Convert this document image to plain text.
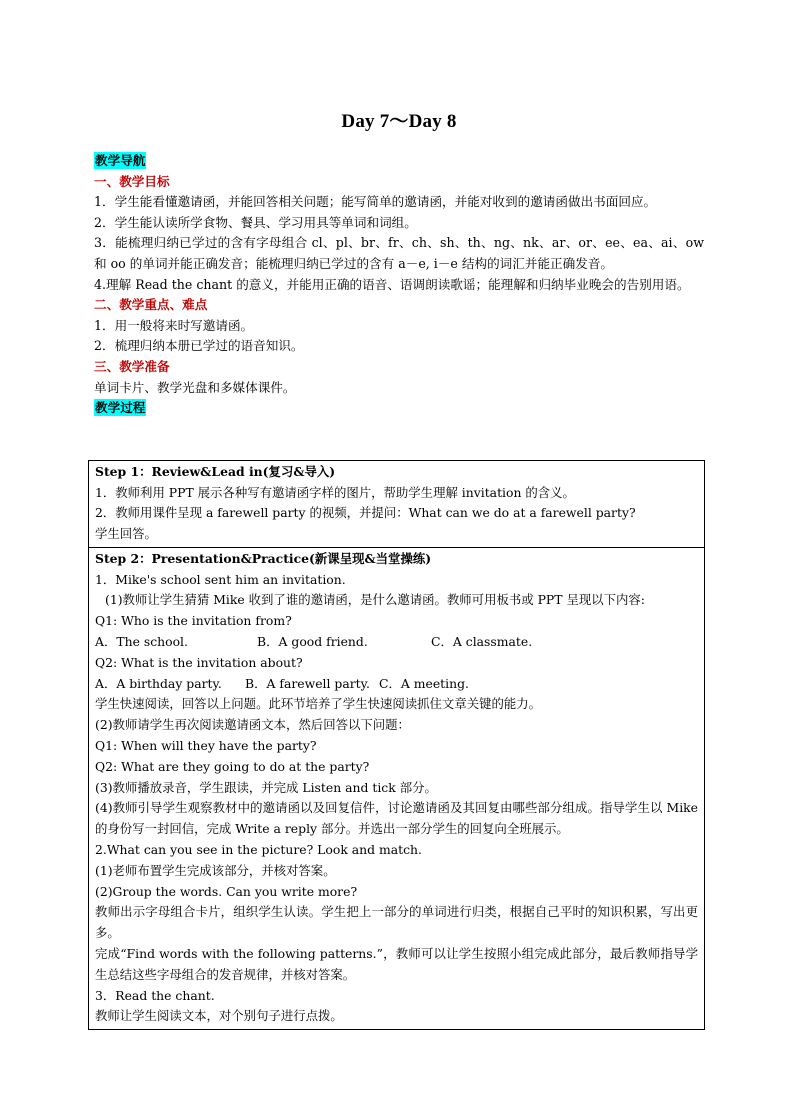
Day 7～Day 8

教学导航

一、教学目标

1．学生能看懂邀请函，并能回答相关问题；能写简单的邀请函，并能对收到的邀请函做出书面回应。

2．学生能认读所学食物、餐具、学习用具等单词和词组。

3．能梳理归纳已学过的含有字母组合 cl、pl、br、fr、ch、sh、th、ng、nk、ar、or、ee、ea、ai、ow 和 oo 的单词并能正确发音；能梳理归纳已学过的含有 a－e, i－e 结构的词汇并能正确发音。

4.理解 Read the chant 的意义，并能用正确的语音、语调朗读歌谣；能理解和归纳毕业晚会的告别用语。

二、教学重点、难点

1．用一般将来时写邀请函。

2．梳理归纳本册已学过的语音知识。

三、教学准备

单词卡片、教学光盘和多媒体课件。

教学过程

Step 1：Review&Lead in(复习&导入)
1．教师利用 PPT 展示各种写有邀请函字样的图片，帮助学生理解 invitation 的含义。
2．教师用课件呈现 a farewell party 的视频，并提问：What can we do at a farewell party?
学生回答。
Step 2：Presentation&Practice(新课呈现&当堂操练)
1．Mike's school sent him an invitation.
(1)教师让学生猜猜 Mike 收到了谁的邀请函，是什么邀请函。教师可用板书或 PPT 呈现以下内容:
Q1: Who is the invitation from?
A．The school.	B．A good friend.	C．A classmate.
Q2: What is the invitation about?
A．A birthday party.	B．A farewell party. C．A meeting.
学生快速阅读，回答以上问题。此环节培养了学生快速阅读抓住文章关键的能力。
(2)教师请学生再次阅读邀请函文本，然后回答以下问题：
Q1: When will they have the party?
Q2: What are they going to do at the party?
(3)教师播放录音，学生跟读，并完成 Listen and tick 部分。
(4)教师引导学生观察教材中的邀请函以及回复信件，讨论邀请函及其回复由哪些部分组成。指导学生以 Mike 的身份写一封回信，完成 Write a reply 部分。并选出一部分学生的回复向全班展示。
2.What can you see in the picture? Look and match.
(1)老师布置学生完成该部分，并核对答案。
(2)Group the words. Can you write more?
教师出示字母组合卡片，组织学生认读。学生把上一部分的单词进行归类，根据自己平时的知识积累，写出更多。
完成“Find words with the following patterns.”，教师可以让学生按照小组完成此部分，最后教师指导学生总结这些字母组合的发音规律，并核对答案。
3．Read the chant.
教师让学生阅读文本，对个别句子进行点拨。
